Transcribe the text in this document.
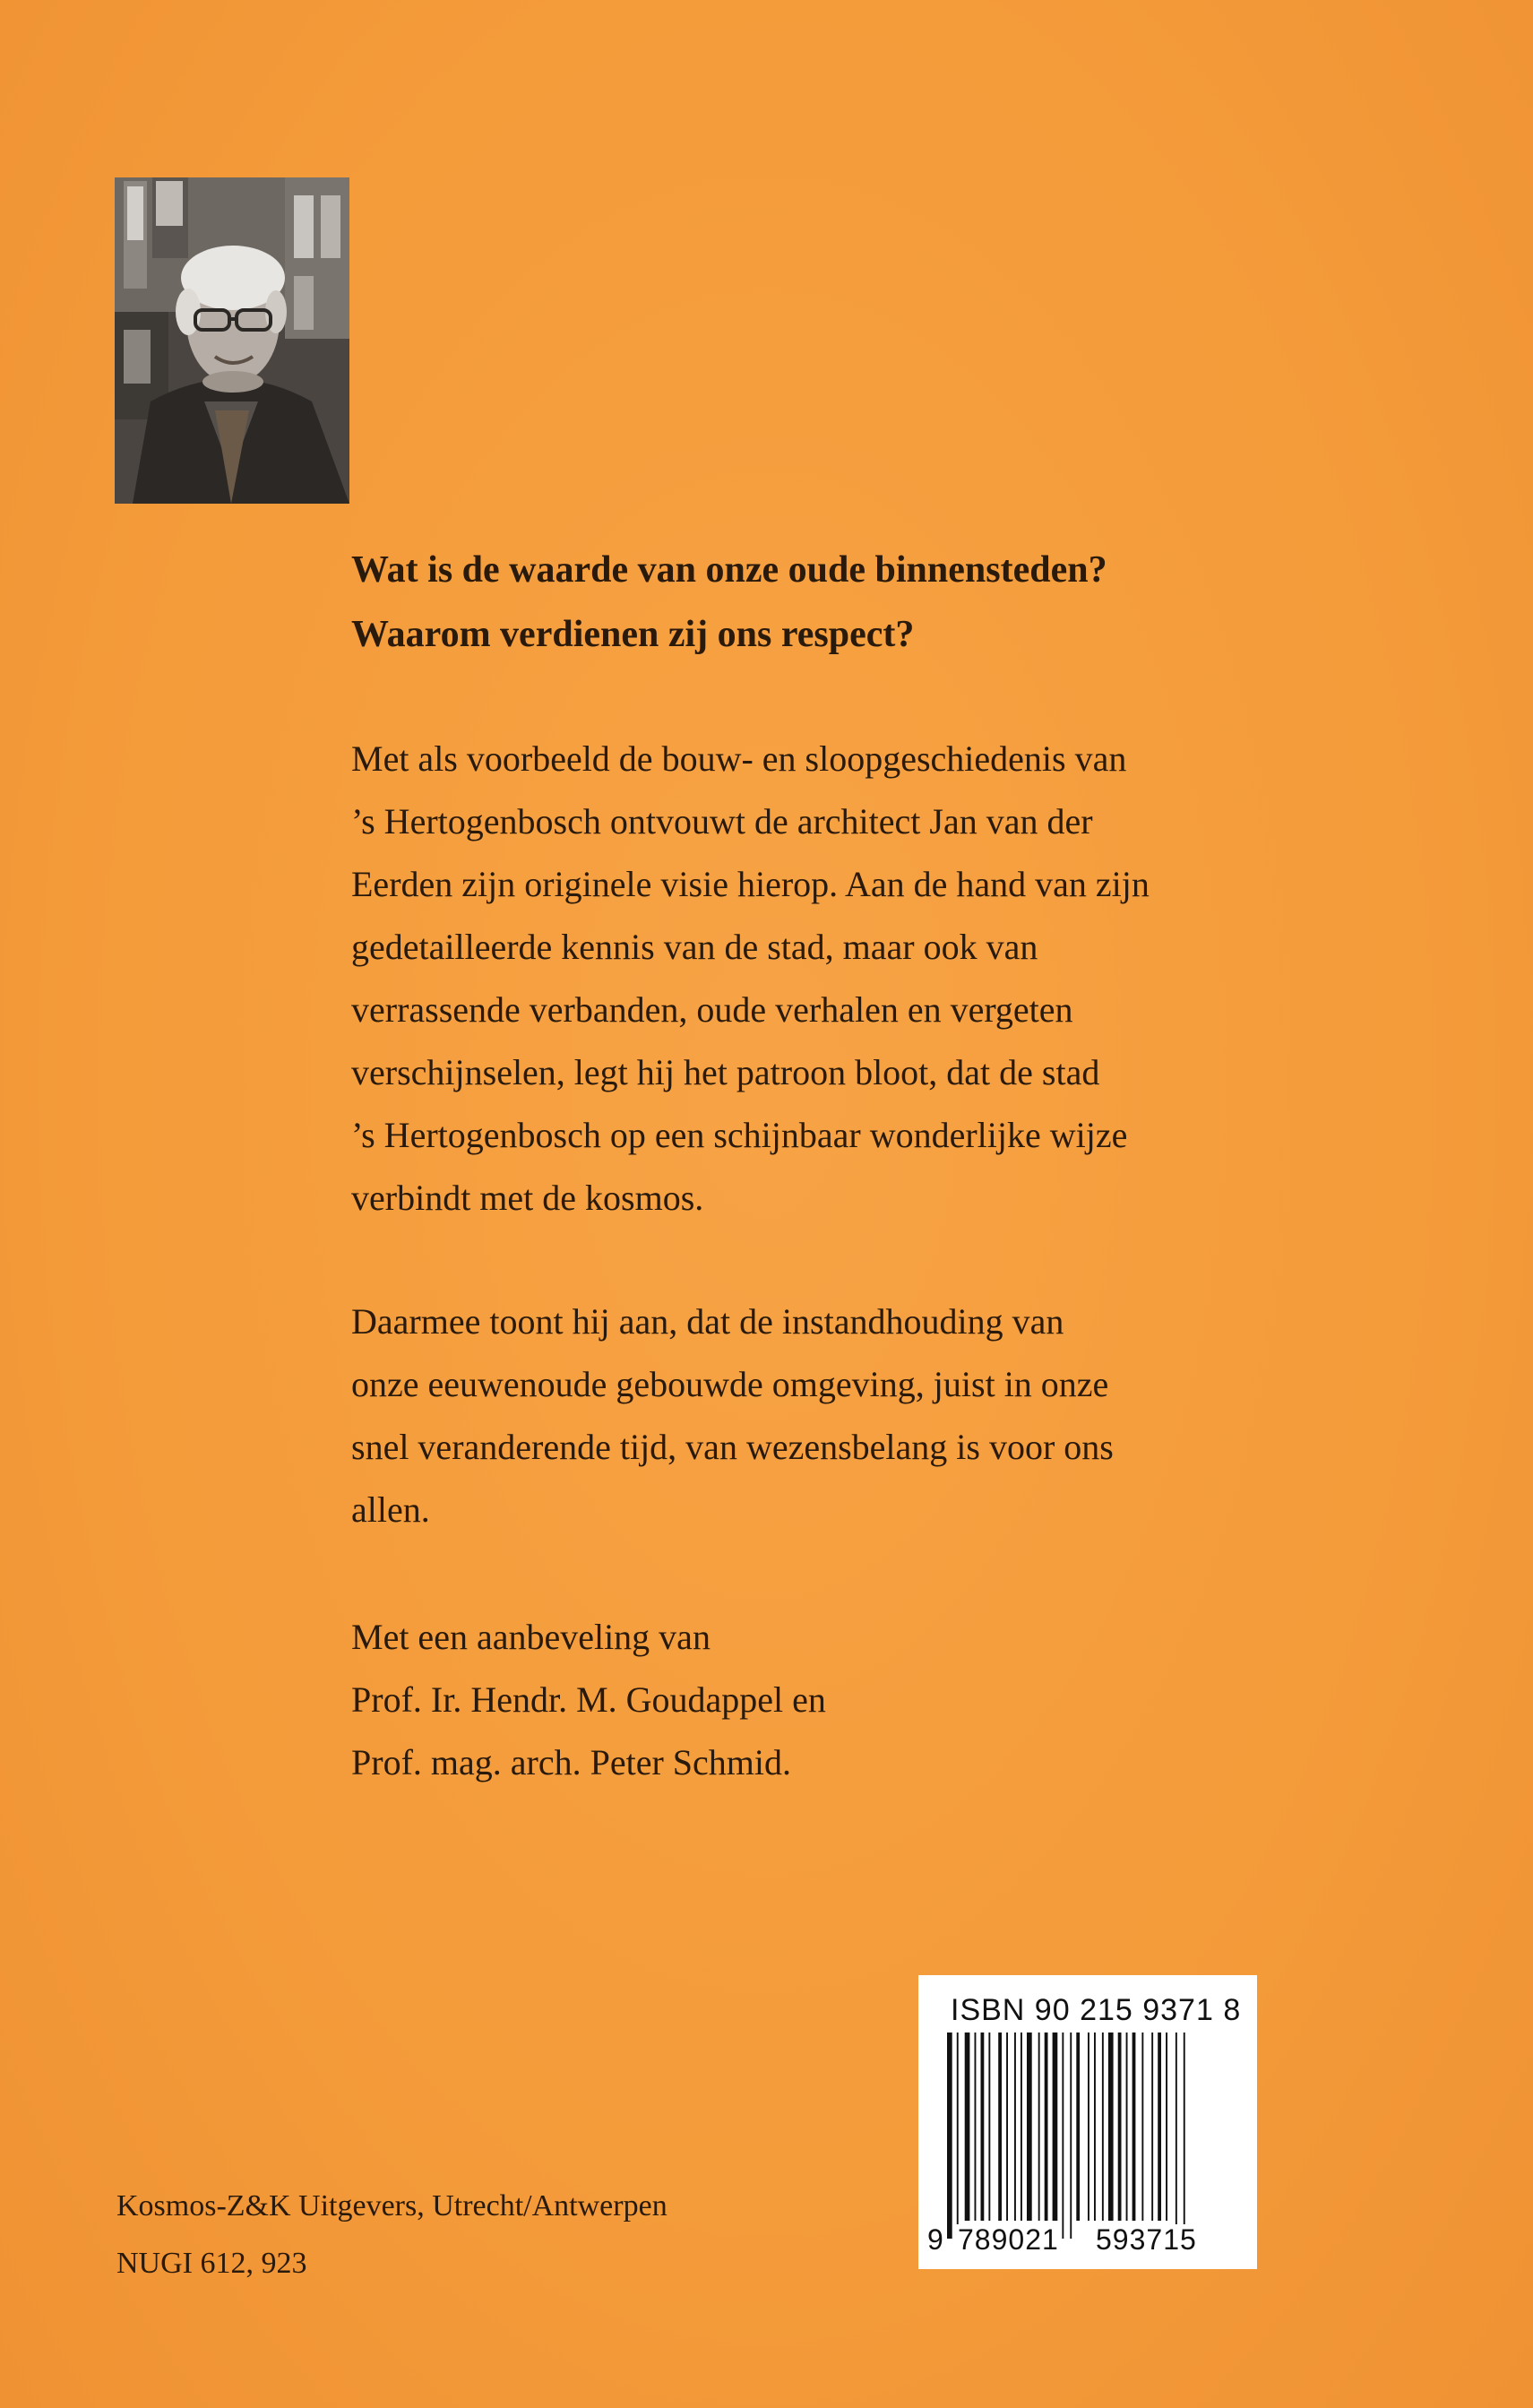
Wat is de waarde van onze oude binnensteden?

Waarom verdienen zij ons respect?

Met als voorbeeld de bouw- en sloopgeschiedenis van
’s Hertogenbosch ontvouwt de architect Jan van der
Eerden zijn originele visie hierop. Aan de hand van zijn
gedetailleerde kennis van de stad, maar ook van
verrassende verbanden, oude verhalen en vergeten
verschijnselen, legt hij het patroon bloot, dat de stad
’s Hertogenbosch op een schijnbaar wonderlijke wijze
verbindt met de kosmos.
Daarmee toont hij aan, dat de instandhouding van
onze eeuwenoude gebouwde omgeving, juist in onze
snel veranderende tijd, van wezensbelang is voor ons
allen.
Met een aanbeveling van
Prof. Ir. Hendr. M. Goudappel en
Prof. mag. arch. Peter Schmid.
Kosmos-Z&K Uitgevers, Utrecht/Antwerpen
NUGI 612, 923
ISBN 90 215 9371 8
9 789021 593715
